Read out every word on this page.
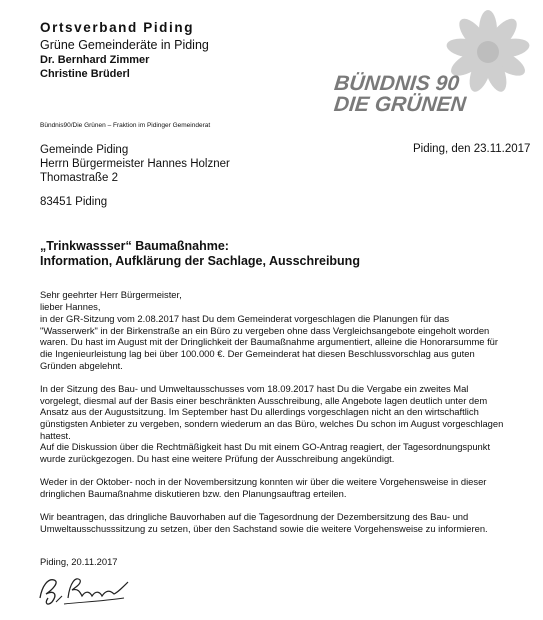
Ortsverband Piding
Grüne Gemeinderäte in Piding
Dr. Bernhard Zimmer
Christine Brüderl	BÜNDNIS 90
DIE GRÜNEN
Bündnis90/Die Grünen – Fraktion im Pidinger Gemeinderat
Gemeinde Piding
Herrn Bürgermeister Hannes Holzner
Thomastraße 2
83451 Piding
Piding, den 23.11.2017
„Trinkwassser“ Baumaßnahme:
Information, Aufklärung der Sachlage, Ausschreibung

Sehr geehrter Herr Bürgermeister,

lieber Hannes,

in der GR-Sitzung vom 2.08.2017 hast Du dem Gemeinderat vorgeschlagen die Planungen für das

"Wasserwerk" in der Birkenstraße an ein Büro zu vergeben ohne dass Vergleichsangebote eingeholt worden

waren. Du hast im August mit der Dringlichkeit der Baumaßnahme argumentiert, alleine die Honorarsumme für

die Ingenieurleistung lag bei über 100.000 €. Der Gemeinderat hat diesen Beschlussvorschlag aus guten

Gründen abgelehnt.

In der Sitzung des Bau- und Umweltausschusses vom 18.09.2017 hast Du die Vergabe ein zweites Mal

vorgelegt, diesmal auf der Basis einer beschränkten Ausschreibung, alle Angebote lagen deutlich unter dem

Ansatz aus der Augustsitzung. Im September hast Du allerdings vorgeschlagen nicht an den wirtschaftlich

günstigsten Anbieter zu vergeben, sondern wiederum an das Büro, welches Du schon im August vorgeschlagen

hattest.

Auf die Diskussion über die Rechtmäßigkeit hast Du mit einem GO-Antrag reagiert, der Tagesordnungspunkt

wurde zurückgezogen. Du hast eine weitere Prüfung der Ausschreibung angekündigt.

Weder in der Oktober- noch in der Novembersitzung konnten wir über die weitere Vorgehensweise in dieser

dringlichen Baumaßnahme diskutieren bzw. den Planungsauftrag erteilen.

Wir beantragen, das dringliche Bauvorhaben auf die Tagesordnung der Dezembersitzung des Bau- und

Umweltausschusssitzung zu setzen, über den Sachstand sowie die weitere Vorgehensweise zu informieren.

Piding, 20.11.2017
